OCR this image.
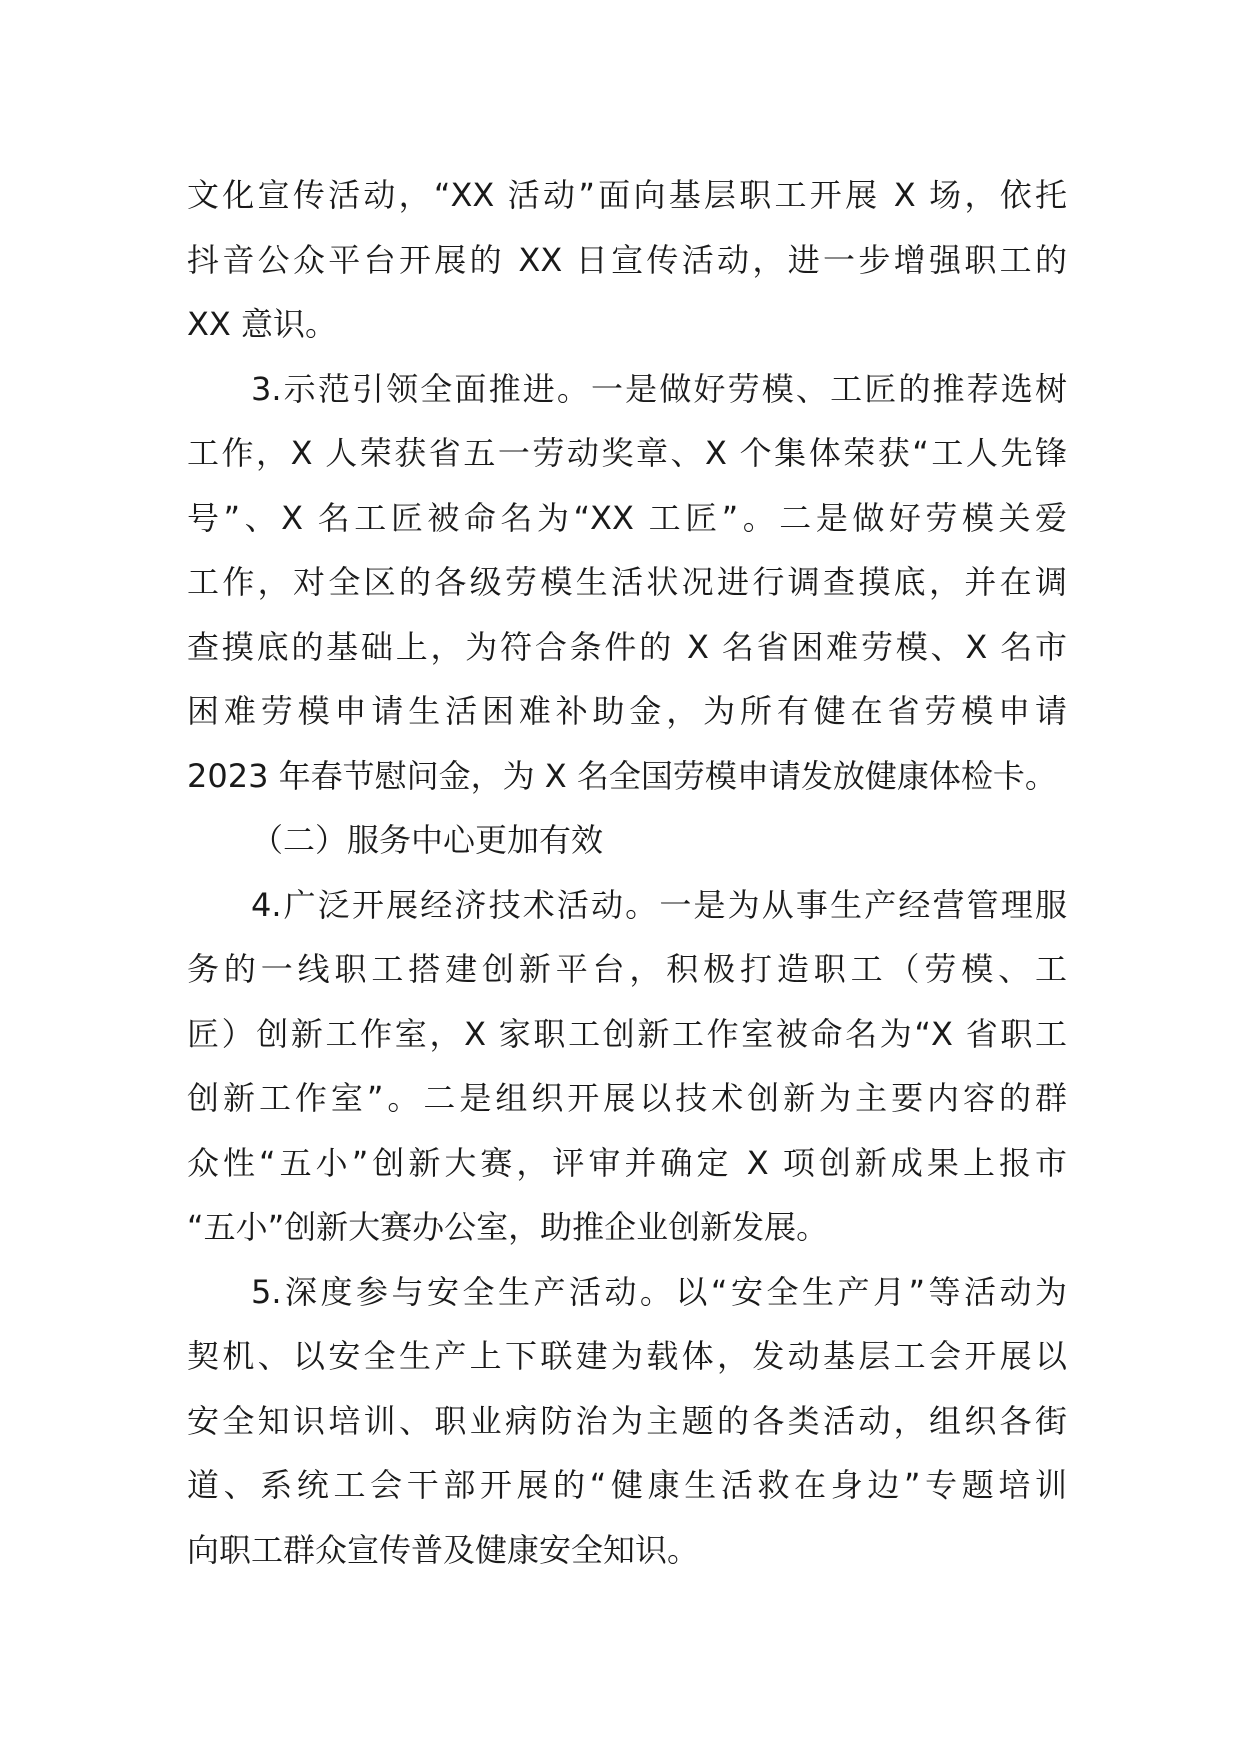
文化宣传活动，“XX 活动”面向基层职工开展 X 场，依托
抖音公众平台开展的 XX 日宣传活动，进一步增强职工的
XX 意识。
3.示范引领全面推进。一是做好劳模、工匠的推荐选树
工作，X 人荣获省五一劳动奖章、X 个集体荣获“工人先锋
号”、X 名工匠被命名为“XX 工匠”。二是做好劳模关爱
工作，对全区的各级劳模生活状况进行调查摸底，并在调
查摸底的基础上，为符合条件的 X 名省困难劳模、X 名市
困难劳模申请生活困难补助金，为所有健在省劳模申请
2023 年春节慰问金，为 X 名全国劳模申请发放健康体检卡。
（二）服务中心更加有效
4.广泛开展经济技术活动。一是为从事生产经营管理服
务的一线职工搭建创新平台，积极打造职工（劳模、工
匠）创新工作室，X 家职工创新工作室被命名为“X 省职工
创新工作室”。二是组织开展以技术创新为主要内容的群
众性“五小”创新大赛，评审并确定 X 项创新成果上报市
“五小”创新大赛办公室，助推企业创新发展。
5.深度参与安全生产活动。以“安全生产月”等活动为
契机、以安全生产上下联建为载体，发动基层工会开展以
安全知识培训、职业病防治为主题的各类活动，组织各街
道、系统工会干部开展的“健康生活救在身边”专题培训
向职工群众宣传普及健康安全知识。
